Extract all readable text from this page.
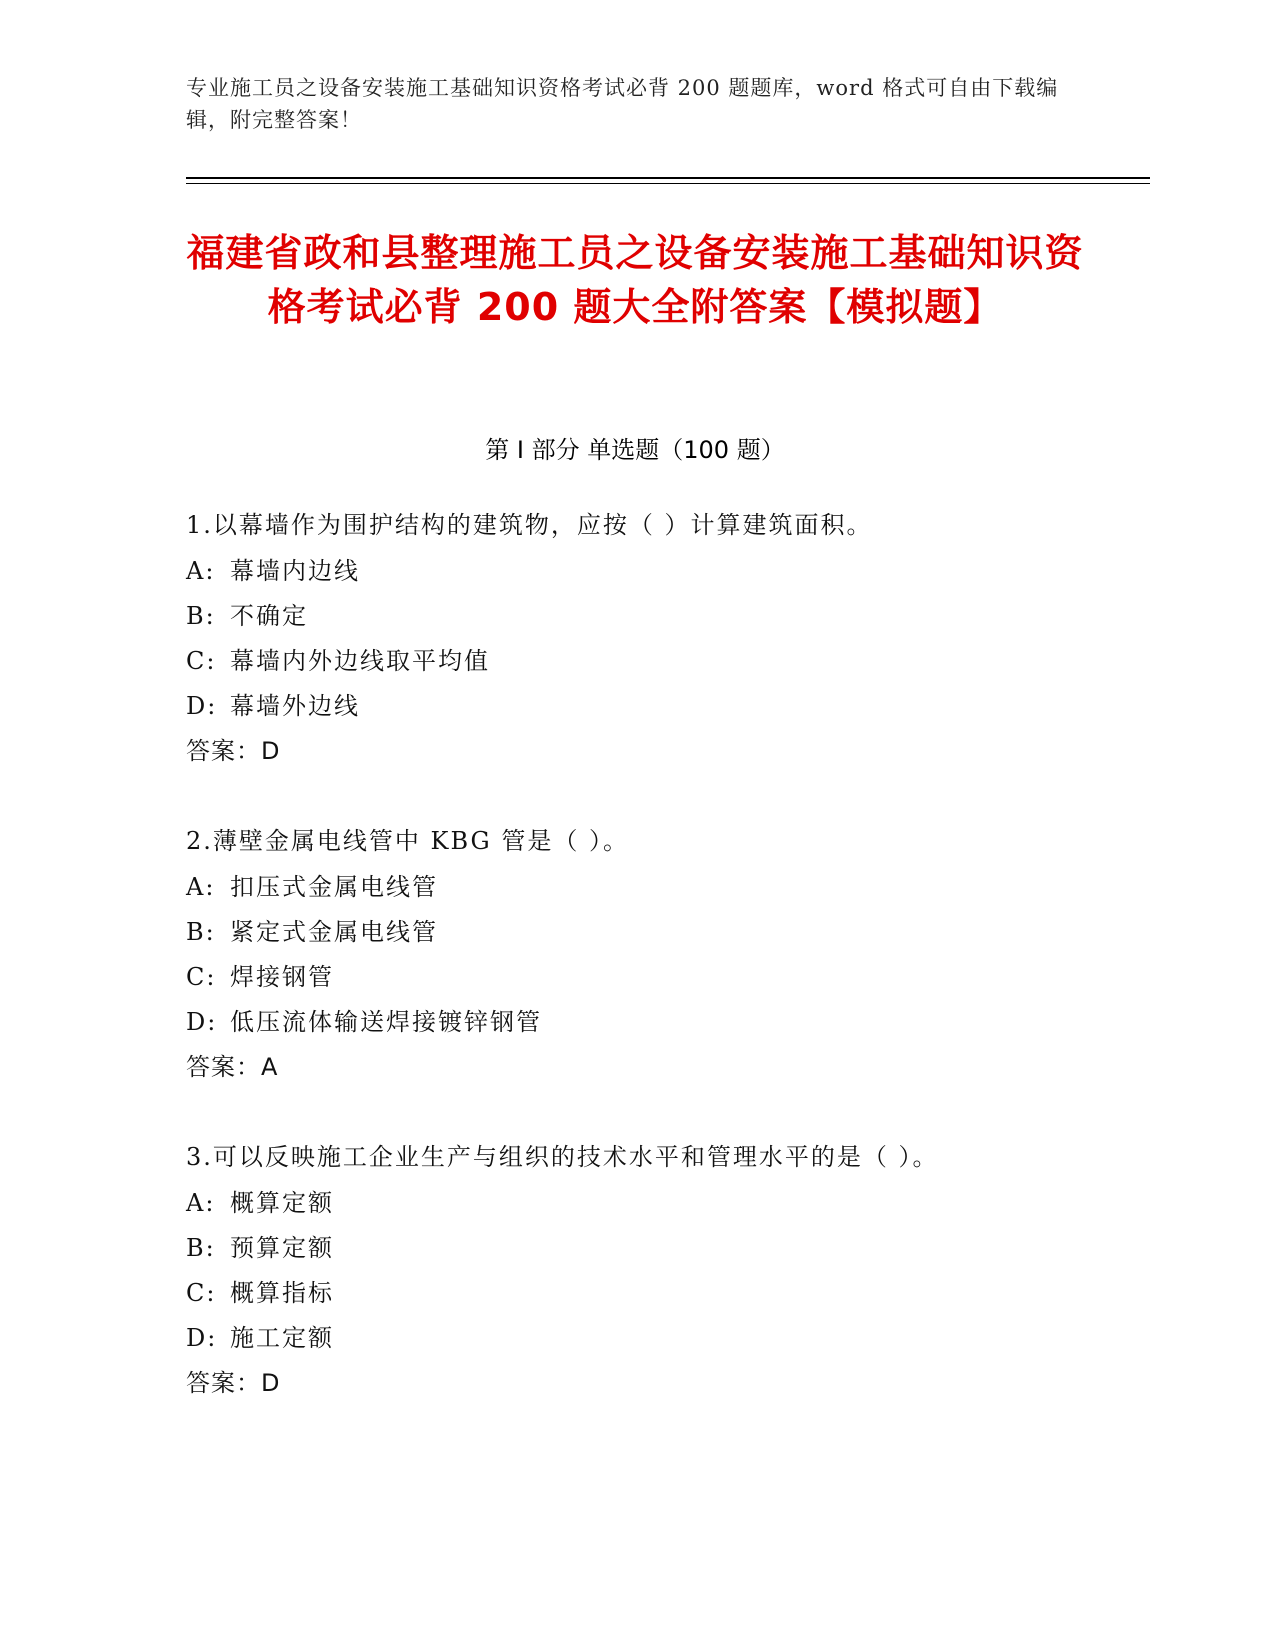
专业施工员之设备安装施工基础知识资格考试必背 200 题题库，word 格式可自由下载编辑，附完整答案！
福建省政和县整理施工员之设备安装施工基础知识资格考试必背 200 题大全附答案【模拟题】
第 I 部分 单选题（100 题）
1.以幕墙作为围护结构的建筑物，应按（ ）计算建筑面积。
A: 幕墙内边线
B: 不确定
C: 幕墙内外边线取平均值
D: 幕墙外边线
答案：D
2.薄壁金属电线管中 KBG 管是（ ）。
A: 扣压式金属电线管
B: 紧定式金属电线管
C: 焊接钢管
D: 低压流体输送焊接镀锌钢管
答案：A
3.可以反映施工企业生产与组织的技术水平和管理水平的是（ ）。
A: 概算定额
B: 预算定额
C: 概算指标
D: 施工定额
答案：D
